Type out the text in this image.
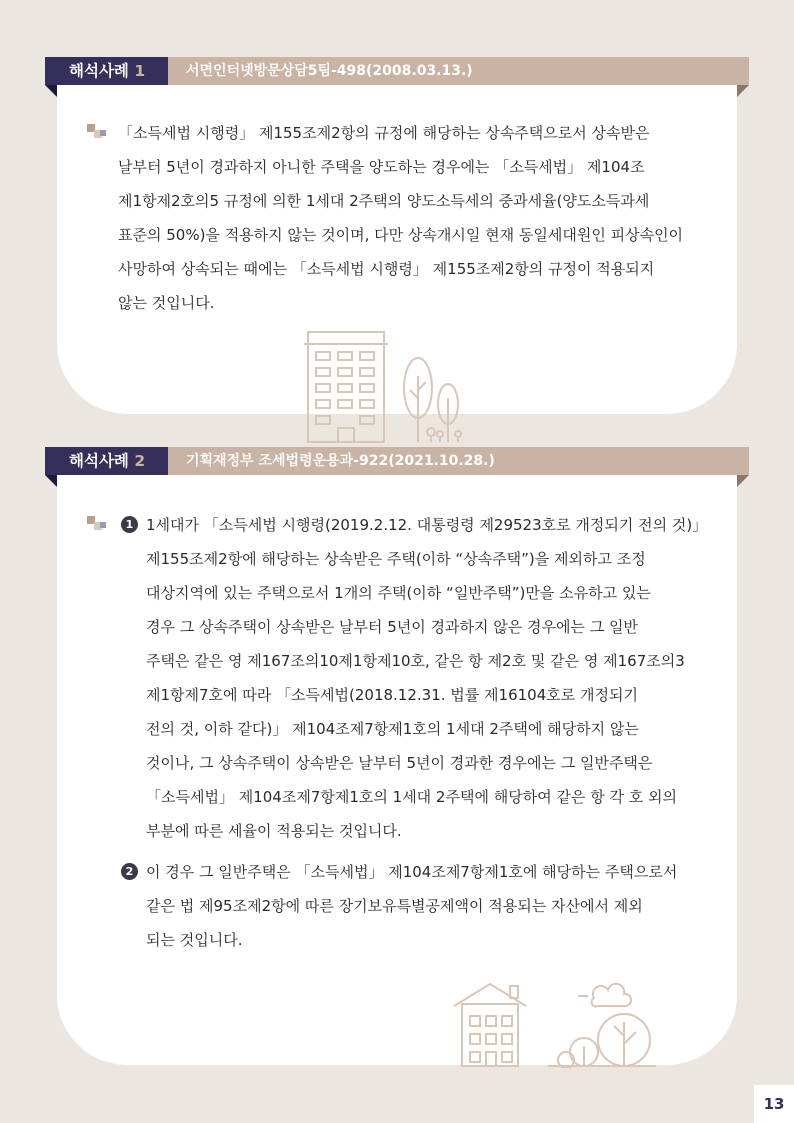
해석사례 1	서면인터넷방문상담5팀-498(2008.03.13.)
「소득세법 시행령」 제155조제2항의 규정에 해당하는 상속주택으로서 상속받은
날부터 5년이 경과하지 아니한 주택을 양도하는 경우에는 「소득세법」 제104조
제1항제2호의5 규정에 의한 1세대 2주택의 양도소득세의 중과세율(양도소득과세
표준의 50%)을 적용하지 않는 것이며, 다만 상속개시일 현재 동일세대원인 피상속인이
사망하여 상속되는 때에는 「소득세법 시행령」 제155조제2항의 규정이 적용되지
않는 것입니다.
해석사례 2	기획재정부 조세법령운용과-922(2021.10.28.)
1 1세대가 「소득세법 시행령(2019.2.12. 대통령령 제29523호로 개정되기 전의 것)」
제155조제2항에 해당하는 상속받은 주택(이하 “상속주택”)을 제외하고 조정
대상지역에 있는 주택으로서 1개의 주택(이하 “일반주택”)만을 소유하고 있는
경우 그 상속주택이 상속받은 날부터 5년이 경과하지 않은 경우에는 그 일반
주택은 같은 영 제167조의10제1항제10호, 같은 항 제2호 및 같은 영 제167조의3
제1항제7호에 따라 「소득세법(2018.12.31. 법률 제16104호로 개정되기
전의 것, 이하 같다)」 제104조제7항제1호의 1세대 2주택에 해당하지 않는
것이나, 그 상속주택이 상속받은 날부터 5년이 경과한 경우에는 그 일반주택은
「소득세법」 제104조제7항제1호의 1세대 2주택에 해당하여 같은 항 각 호 외의
부분에 따른 세율이 적용되는 것입니다.
2 이 경우 그 일반주택은 「소득세법」 제104조제7항제1호에 해당하는 주택으로서
같은 법 제95조제2항에 따른 장기보유특별공제액이 적용되는 자산에서 제외
되는 것입니다.
13
